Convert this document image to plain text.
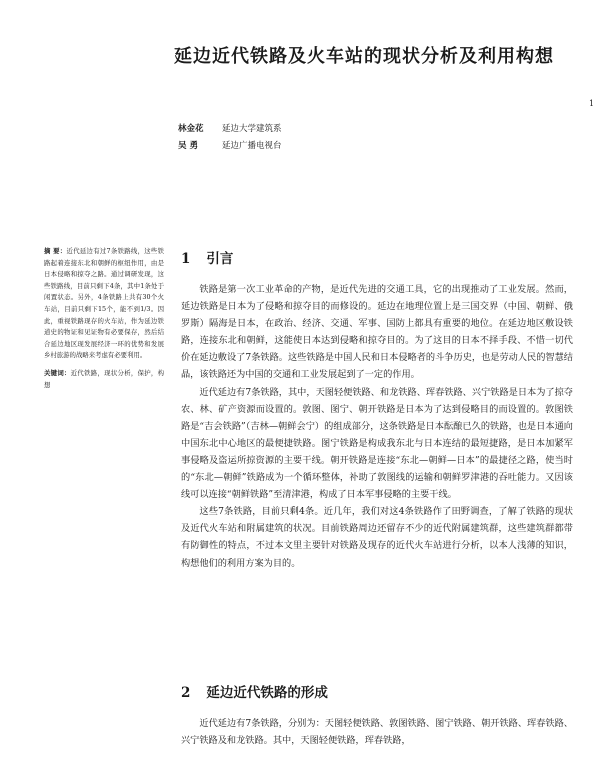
延边近代铁路及火车站的现状分析及利用构想
林金花	延边大学建筑系
吴 勇	延边广播电视台
1
摘 要：近代延边有过7条铁路线，这些铁路起着连接东北和朝鲜的枢纽作用，由是日本侵略和掠夺之路。通过调研发现，这些铁路线，目前只剩下4条，其中1条处于闲置状态。另外，4条铁路上共有30个火车站，目前只剩下15个，能不到1/3。因此，重视铁路现存的火车站，作为延边铁道史的物证和见证物有必要保存，然后结合延边地区现发展经济一环的优势和发展乡村旅游的战略来考虑有必要利用。
关键词：近代铁路，现状分析，保护，构想
1 引言

铁路是第一次工业革命的产物，是近代先进的交通工具，它的出现推动了工业发展。然而，延边铁路是日本为了侵略和掠夺目的而修设的。延边在地理位置上是三国交界（中国、朝鲜、俄罗斯）隔海是日本，在政治、经济、交通、军事、国防上都具有重要的地位。在延边地区敷设铁路，连接东北和朝鲜，这能使日本达到侵略和掠夺目的。为了这目的日本不择手段、不惜一切代价在延边敷设了7条铁路。这些铁路是中国人民和日本侵略者的斗争历史，也是劳动人民的智慧结晶，该铁路还为中国的交通和工业发展起到了一定的作用。

近代延边有7条铁路，其中，天图轻便铁路、和龙铁路、珲春铁路、兴宁铁路是日本为了掠夺农、林、矿产资源而设置的。敦图、图宁、朝开铁路是日本为了达到侵略目的而设置的。敦图铁路是“吉会铁路”（吉林—朝鲜会宁）的组成部分，这条铁路是日本酝酿已久的铁路，也是日本通向中国东北中心地区的最便捷铁路。图宁铁路是构成我东北与日本连结的最短捷路，是日本加紧军事侵略及盗运所掠资源的主要干线。朝开铁路是连接“东北—朝鲜—日本”的最捷径之路，使当时的“东北—朝鲜”铁路成为一个循环整体，补助了敦图线的运输和朝鲜罗津港的吞吐能力。又因该线可以连接“朝鲜铁路”至清津港，构成了日本军事侵略的主要干线。

这些7条铁路，目前只剩4条。近几年，我们对这4条铁路作了田野调查，了解了铁路的现状及近代火车站和附属建筑的状况。目前铁路周边还留存不少的近代附属建筑群，这些建筑群都带有防御性的特点，不过本文里主要针对铁路及现存的近代火车站进行分析，以本人浅薄的知识，构想他们的利用方案为目的。

2 延边近代铁路的形成

近代延边有7条铁路，分别为：天图轻便铁路、敦图铁路、图宁铁路、朝开铁路、珲春铁路、兴宁铁路及和龙铁路。其中，天图轻便铁路，珲春铁路，
